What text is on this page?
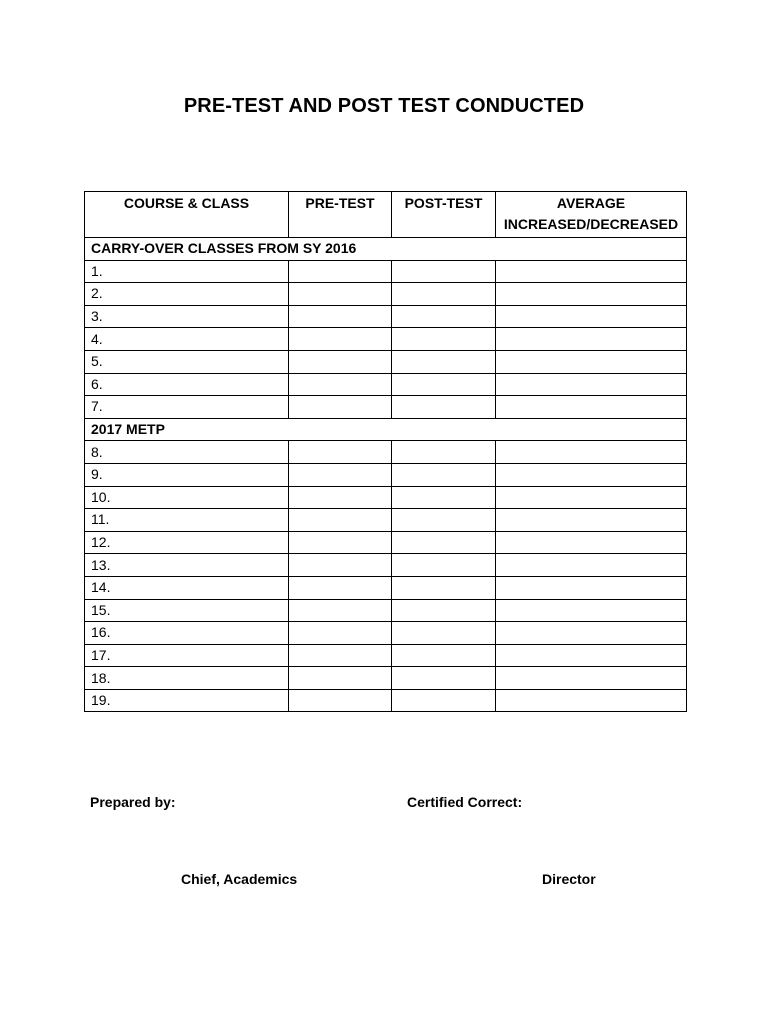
PRE-TEST AND POST TEST CONDUCTED
COURSE & CLASS	PRE-TEST	POST-TEST	AVERAGE INCREASED/DECREASED
CARRY-OVER CLASSES FROM SY 2016			
1.			
2.			
3.			
4.			
5.			
6.			
7.			
2017 METP			
8.			
9.			
10.			
11.			
12.			
13.			
14.			
15.			
16.			
17.			
18.			
19.			
Prepared by:	Certified Correct:
Chief, Academics	Director
